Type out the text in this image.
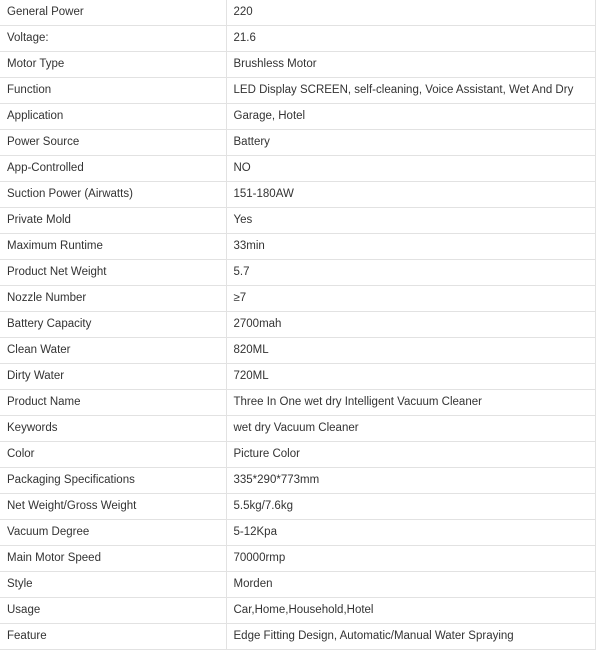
General Power	220
Voltage:	21.6
Motor Type	Brushless Motor
Function	LED Display SCREEN, self-cleaning, Voice Assistant, Wet And Dry
Application	Garage, Hotel
Power Source	Battery
App-Controlled	NO
Suction Power (Airwatts)	151-180AW
Private Mold	Yes
Maximum Runtime	33min
Product Net Weight	5.7
Nozzle Number	≥7
Battery Capacity	2700mah
Clean Water	820ML
Dirty Water	720ML
Product Name	Three In One wet dry Intelligent Vacuum Cleaner
Keywords	wet dry Vacuum Cleaner
Color	Picture Color
Packaging Specifications	335*290*773mm
Net Weight/Gross Weight	5.5kg/7.6kg
Vacuum Degree	5-12Kpa
Main Motor Speed	70000rmp
Style	Morden
Usage	Car,Home,Household,Hotel
Feature	Edge Fitting Design, Automatic/Manual Water Spraying
